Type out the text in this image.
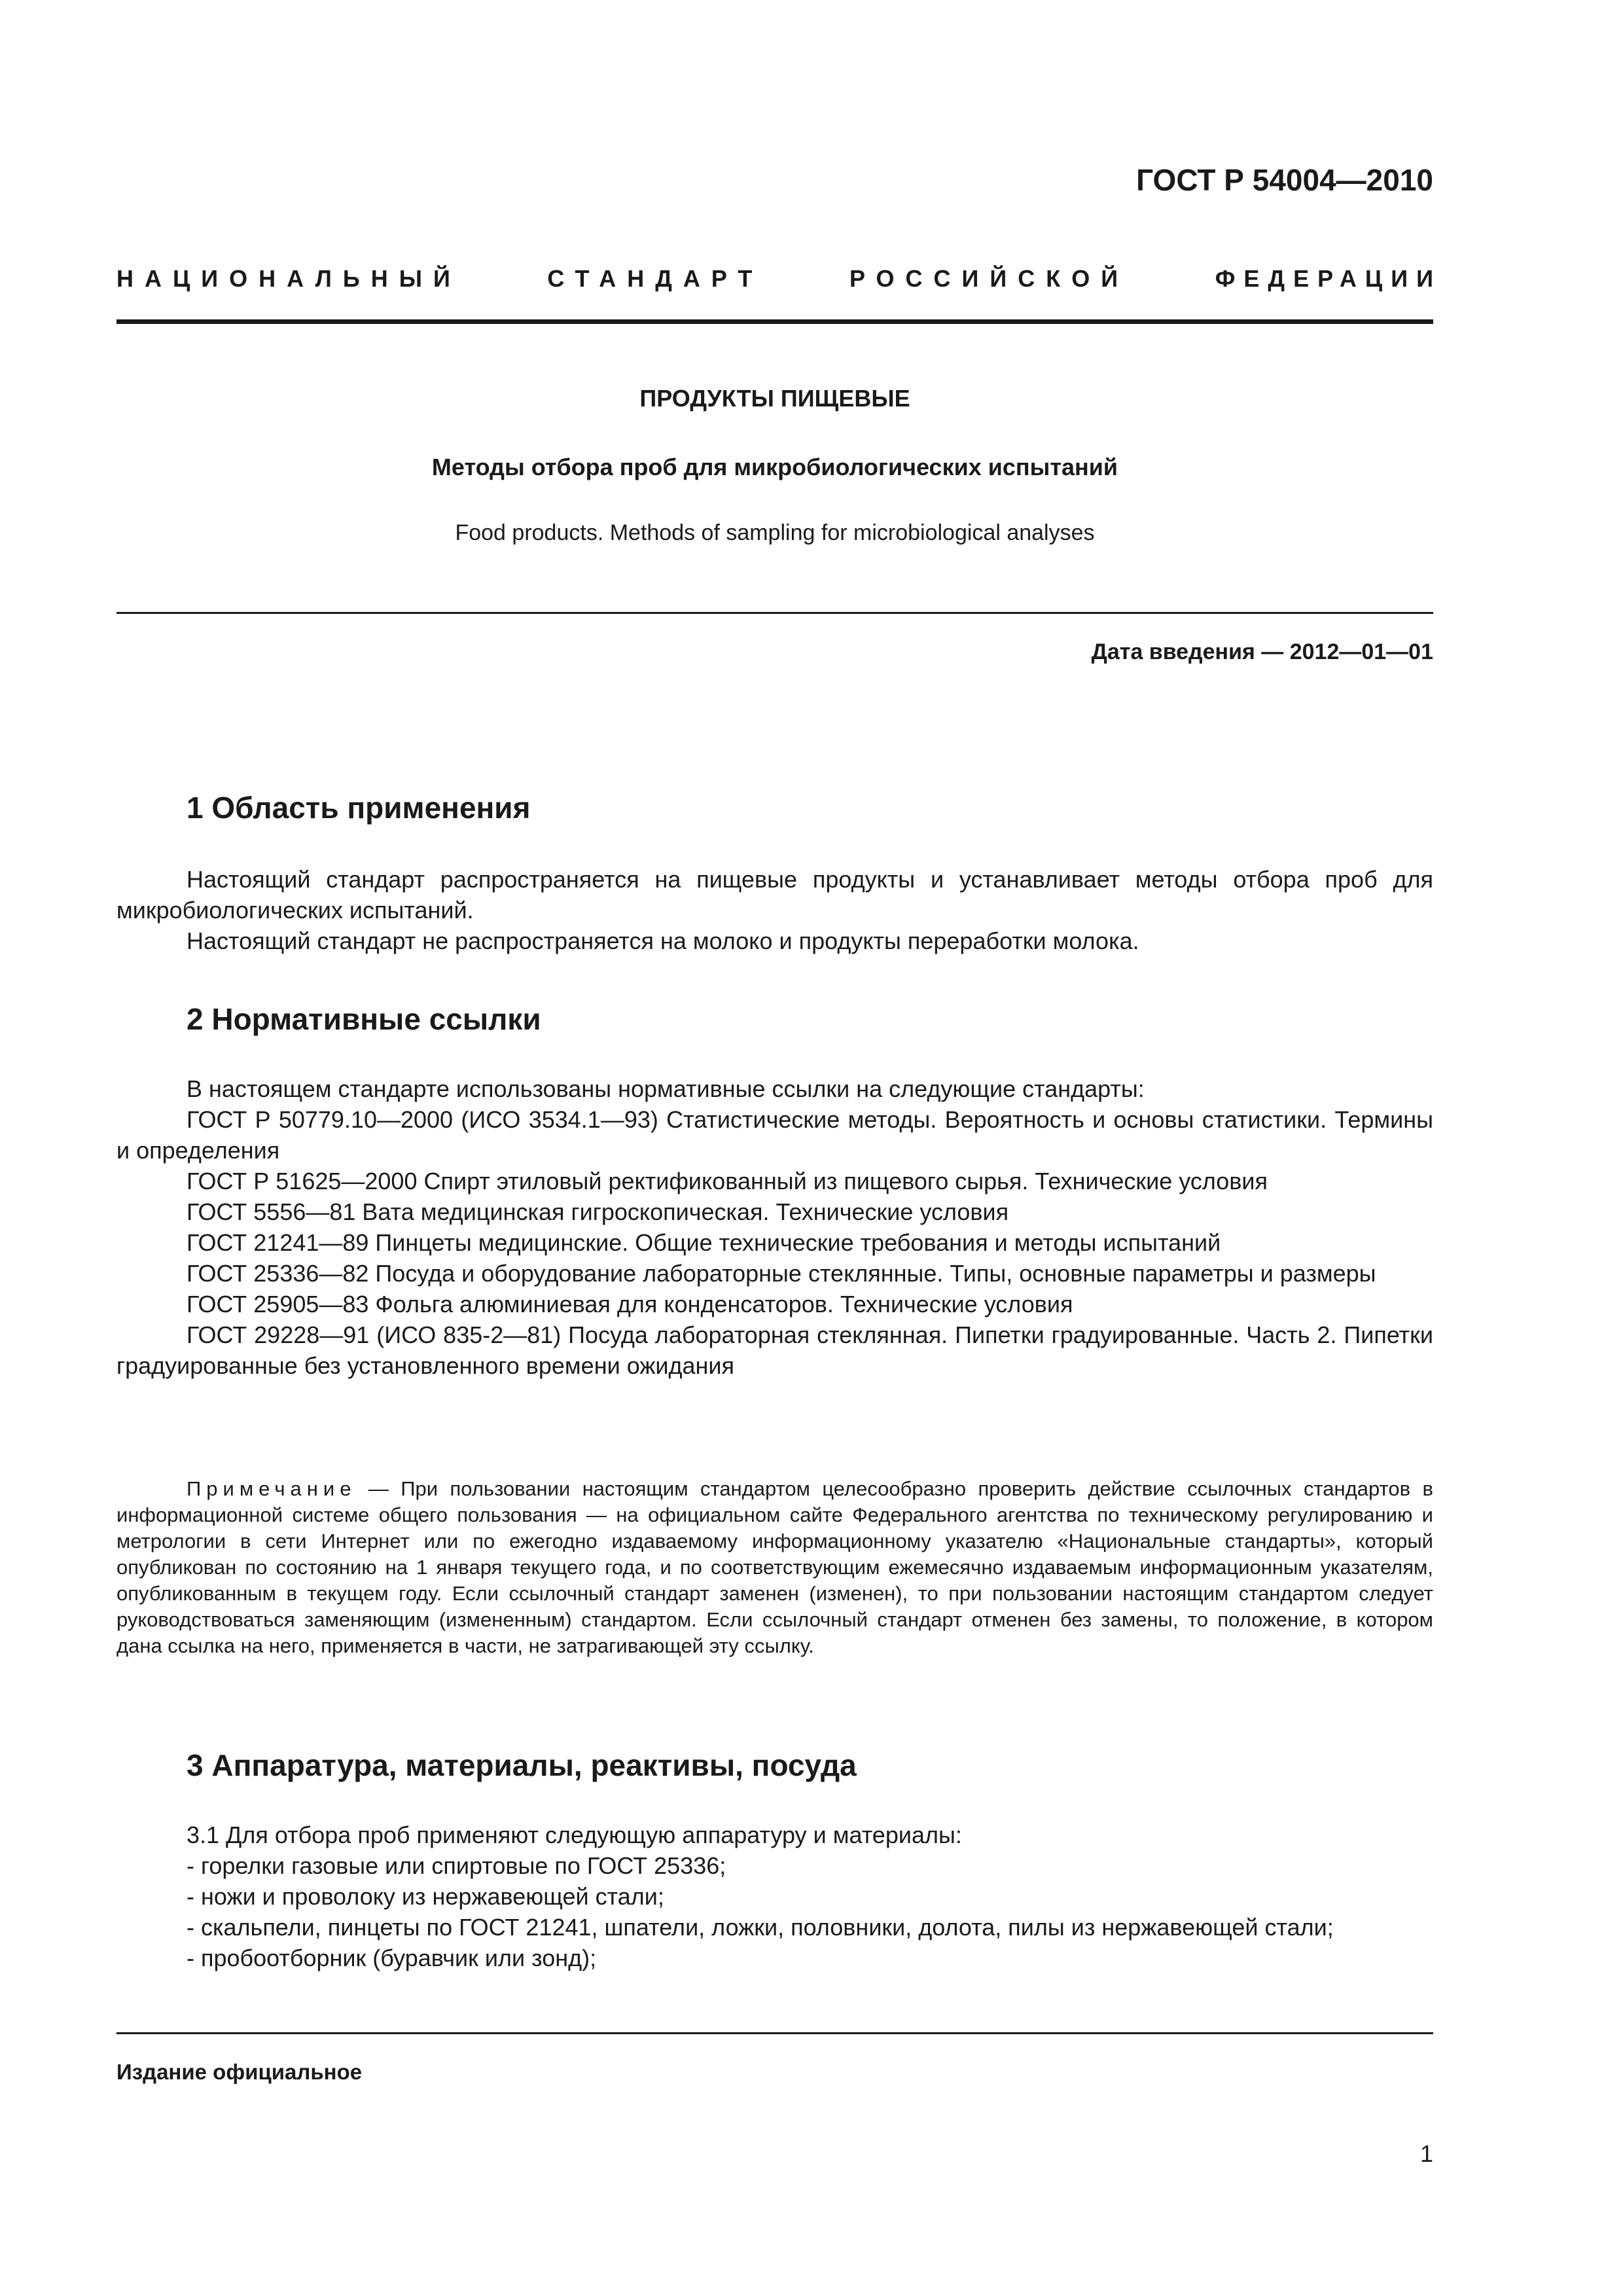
ГОСТ Р 54004—2010
НАЦИОНАЛЬНЫЙ	СТАНДАРТ	РОССИЙСКОЙ	ФЕДЕРАЦИИ
ПРОДУКТЫ ПИЩЕВЫЕ
Методы отбора проб для микробиологических испытаний
Food products. Methods of sampling for microbiological analyses
Дата введения — 2012—01—01
1 Область применения

Настоящий стандарт распространяется на пищевые продукты и устанавливает методы отбора проб для микробиологических испытаний.

Настоящий стандарт не распространяется на молоко и продукты переработки молока.

2 Нормативные ссылки

В настоящем стандарте использованы нормативные ссылки на следующие стандарты:

ГОСТ Р 50779.10—2000 (ИСО 3534.1—93) Статистические методы. Вероятность и основы статистики. Термины и определения

ГОСТ Р 51625—2000 Спирт этиловый ректификованный из пищевого сырья. Технические условия

ГОСТ 5556—81 Вата медицинская гигроскопическая. Технические условия

ГОСТ 21241—89 Пинцеты медицинские. Общие технические требования и методы испытаний

ГОСТ 25336—82 Посуда и оборудование лабораторные стеклянные. Типы, основные параметры и размеры

ГОСТ 25905—83 Фольга алюминиевая для конденсаторов. Технические условия

ГОСТ 29228—91 (ИСО 835-2—81) Посуда лабораторная стеклянная. Пипетки градуированные. Часть 2. Пипетки градуированные без установленного времени ожидания

Примечание — При пользовании настоящим стандартом целесообразно проверить действие ссылочных стандартов в информационной системе общего пользования — на официальном сайте Федерального агентства по техническому регулированию и метрологии в сети Интернет или по ежегодно издаваемому информационному указателю «Национальные стандарты», который опубликован по состоянию на 1 января текущего года, и по соответствующим ежемесячно издаваемым информационным указателям, опубликованным в текущем году. Если ссылочный стандарт заменен (изменен), то при пользовании настоящим стандартом следует руководствоваться заменяющим (измененным) стандартом. Если ссылочный стандарт отменен без замены, то положение, в котором дана ссылка на него, применяется в части, не затрагивающей эту ссылку.

3 Аппаратура, материалы, реактивы, посуда

3.1 Для отбора проб применяют следующую аппаратуру и материалы:

- горелки газовые или спиртовые по ГОСТ 25336;

- ножи и проволоку из нержавеющей стали;

- скальпели, пинцеты по ГОСТ 21241, шпатели, ложки, половники, долота, пилы из нержавеющей стали;

- пробоотборник (буравчик или зонд);

Издание официальное
1
